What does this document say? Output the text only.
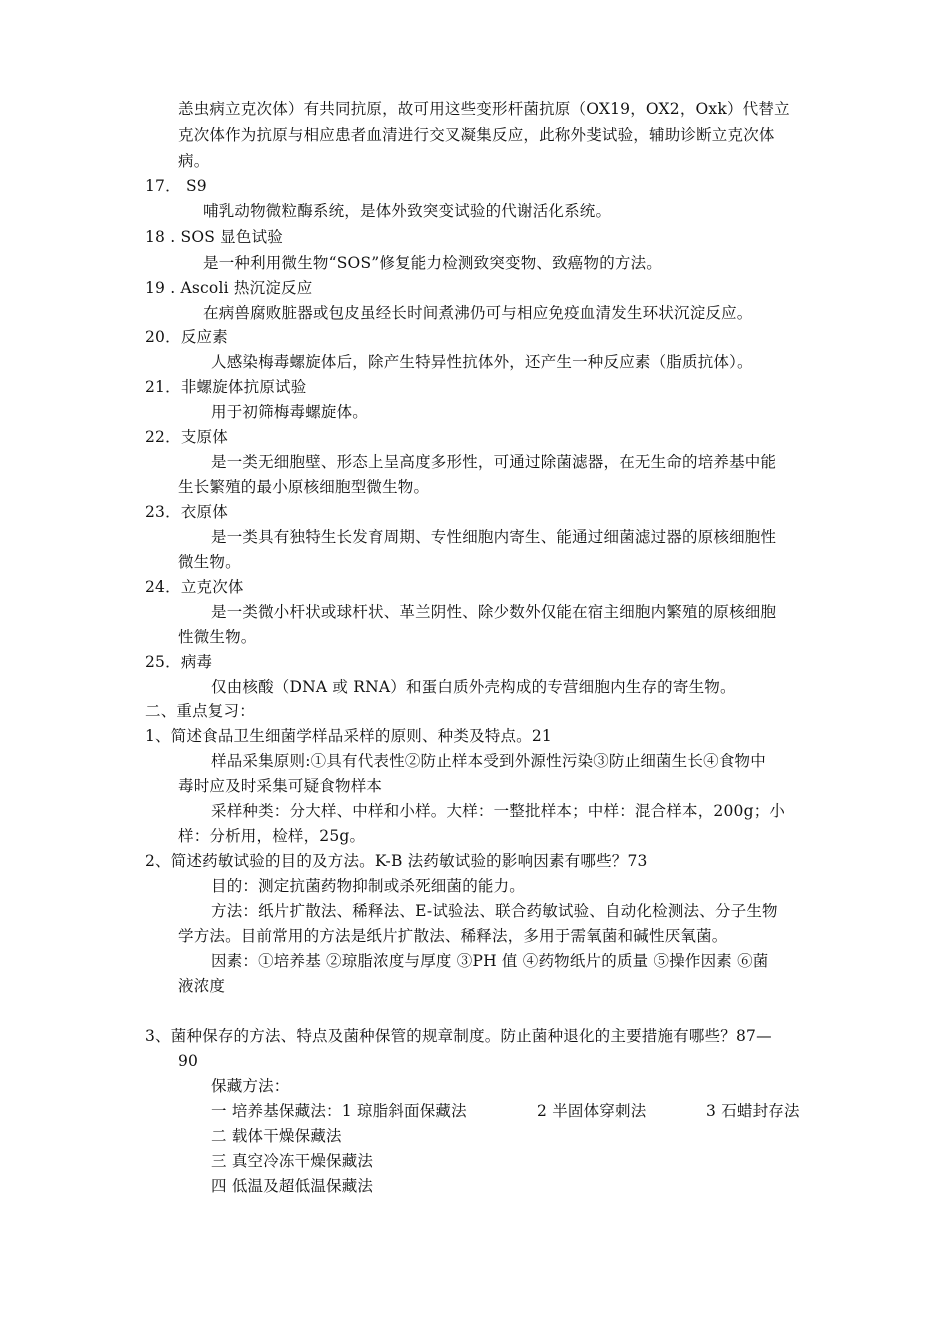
恙虫病立克次体）有共同抗原，故可用这些变形杆菌抗原（OX19，OX2，Oxk）代替立
克次体作为抗原与相应患者血清进行交叉凝集反应，此称外斐试验，辅助诊断立克次体
病。
17． S9
哺乳动物微粒酶系统，是体外致突变试验的代谢活化系统。
18 . SOS 显色试验
是一种利用微生物“SOS”修复能力检测致突变物、致癌物的方法。
19 . Ascoli 热沉淀反应
在病兽腐败脏器或包皮虽经长时间煮沸仍可与相应免疫血清发生环状沉淀反应。
20．反应素
人感染梅毒螺旋体后，除产生特异性抗体外，还产生一种反应素（脂质抗体）。
21．非螺旋体抗原试验
用于初筛梅毒螺旋体。
22．支原体
是一类无细胞壁、形态上呈高度多形性，可通过除菌滤器，在无生命的培养基中能
生长繁殖的最小原核细胞型微生物。
23．衣原体
是一类具有独特生长发育周期、专性细胞内寄生、能通过细菌滤过器的原核细胞性
微生物。
24．立克次体
是一类微小杆状或球杆状、革兰阴性、除少数外仅能在宿主细胞内繁殖的原核细胞
性微生物。
25．病毒
仅由核酸（DNA 或 RNA）和蛋白质外壳构成的专营细胞内生存的寄生物。
二、重点复习：
1、简述食品卫生细菌学样品采样的原则、种类及特点。21
样品采集原则:①具有代表性②防止样本受到外源性污染③防止细菌生长④食物中
毒时应及时采集可疑食物样本
采样种类：分大样、中样和小样。大样：一整批样本；中样：混合样本，200g；小
样：分析用，检样，25g。
2、简述药敏试验的目的及方法。K-B 法药敏试验的影响因素有哪些？73
目的：测定抗菌药物抑制或杀死细菌的能力。
方法：纸片扩散法、稀释法、E-试验法、联合药敏试验、自动化检测法、分子生物
学方法。目前常用的方法是纸片扩散法、稀释法，多用于需氧菌和碱性厌氧菌。
因素：①培养基 ②琼脂浓度与厚度 ③PH 值 ④药物纸片的质量 ⑤操作因素 ⑥菌
液浓度
3、菌种保存的方法、特点及菌种保管的规章制度。防止菌种退化的主要措施有哪些？87—
90
保藏方法：
一 培养基保藏法：1 琼脂斜面保藏法	2 半固体穿刺法	3 石蜡封存法
二 载体干燥保藏法
三 真空冷冻干燥保藏法
四 低温及超低温保藏法
